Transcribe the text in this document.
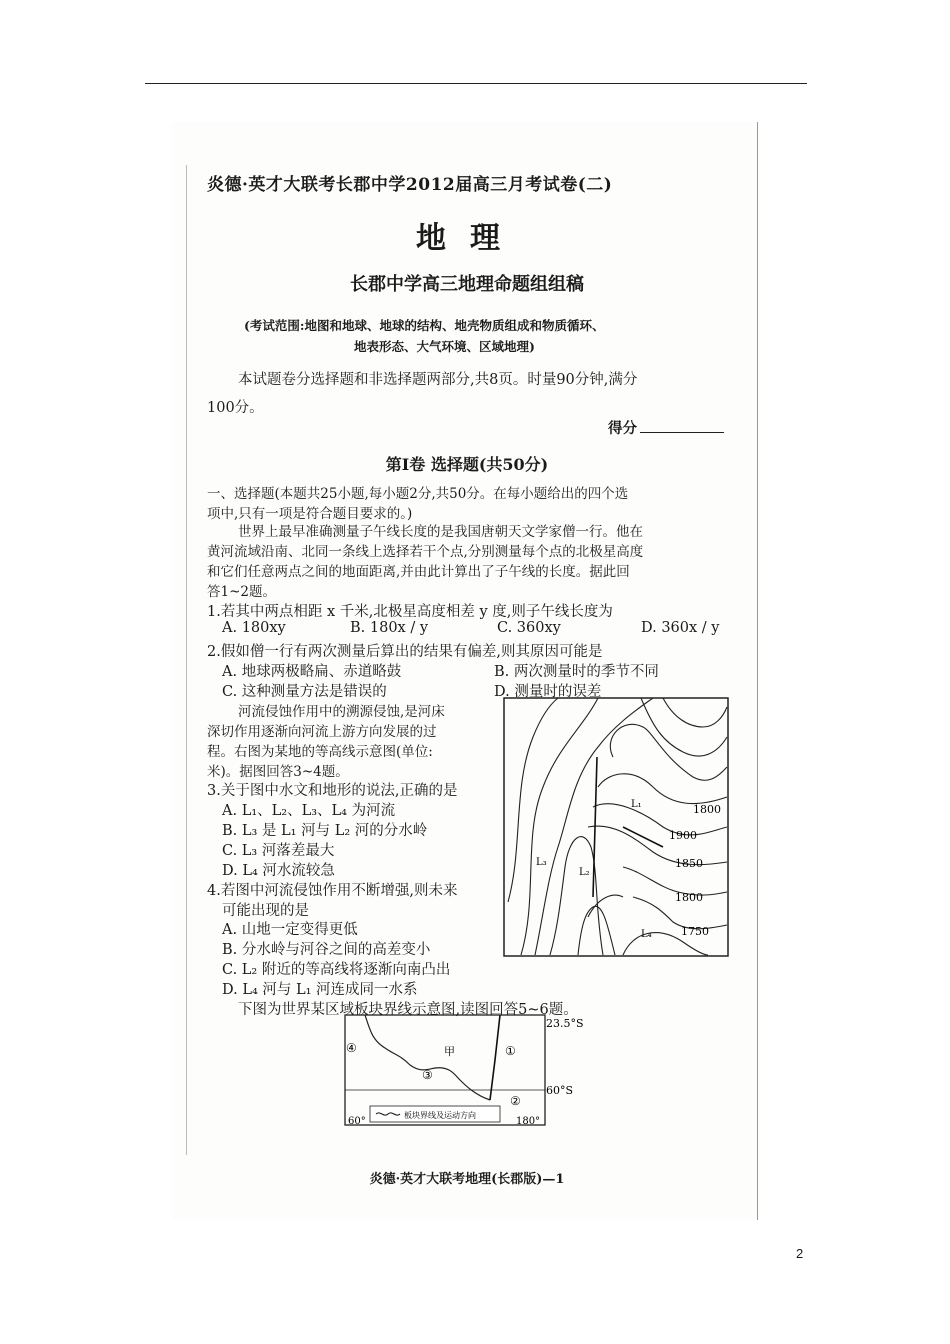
炎德·英才大联考长郡中学2012届高三月考试卷(二)
地理
长郡中学高三地理命题组组稿
(考试范围:地图和地球、地球的结构、地壳物质组成和物质循环、
地表形态、大气环境、区域地理)
本试题卷分选择题和非选择题两部分,共8页。时量90分钟,满分
100分。
得分
第Ⅰ卷 选择题(共50分)
一、选择题(本题共25小题,每小题2分,共50分。在每小题给出的四个选
项中,只有一项是符合题目要求的。)
世界上最早准确测量子午线长度的是我国唐朝天文学家僧一行。他在
黄河流域沿南、北同一条线上选择若干个点,分别测量每个点的北极星高度
和它们任意两点之间的地面距离,并由此计算出了子午线的长度。据此回
答1~2题。
1.若其中两点相距 x 千米,北极星高度相差 y 度,则子午线长度为
A. 180xy	B. 180x / y	C. 360xy	D. 360x / y
2.假如僧一行有两次测量后算出的结果有偏差,则其原因可能是
A. 地球两极略扁、赤道略鼓	B. 两次测量时的季节不同
C. 这种测量方法是错误的	D. 测量时的误差
河流侵蚀作用中的溯源侵蚀,是河床
深切作用逐渐向河流上游方向发展的过
程。右图为某地的等高线示意图(单位:
米)。据图回答3~4题。
3.关于图中水文和地形的说法,正确的是
A. L₁、L₂、L₃、L₄ 为河流
B. L₃ 是 L₁ 河与 L₂ 河的分水岭
C. L₃ 河落差最大
D. L₄ 河水流较急
4.若图中河流侵蚀作用不断增强,则未来
可能出现的是
A. 山地一定变得更低
B. 分水岭与河谷之间的高差变小
C. L₂ 附近的等高线将逐渐向南凸出
D. L₄ 河与 L₁ 河连成同一水系
下图为世界某区域板块界线示意图,读图回答5~6题。
L₁
L₃
L₂
L₄
1800
1900
1850
1800
1750
甲	①
②
③
④
23.5°S
60°S
60°	180°
板块界线及运动方向
炎德·英才大联考地理(长郡版)—1
2
